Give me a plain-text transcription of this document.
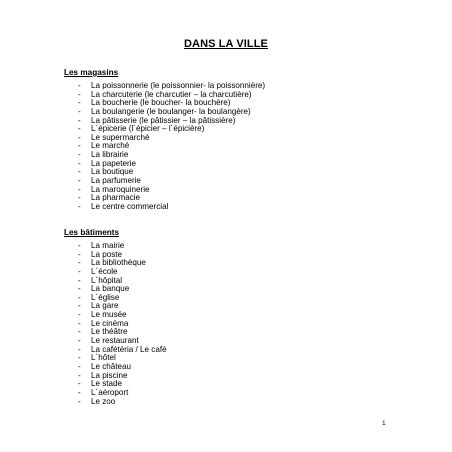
DANS LA VILLE
Les magasins
- La poissonnerie (le poissonnier- la poissonnière)
- La charcuterie (le charcutier – la charcutière)
- La boucherie (le boucher- la bouchère)
- La boulangerie (le boulanger- la boulangère)
- La pâtisserie (le pâtissier – la pâtissière)
- L´épicerie (l´épicier – l´épicière)
- Le supermarché
- Le marché
- La librairie
- La papeterie
- La boutique
- La parfumerie
- La maroquinerie
- La pharmacie
- Le centre commercial
Les bâtiments
- La mairie
- La poste
- La bibliothèque
- L´école
- L´hôpital
- La banque
- L´église
- La gare
- Le musée
- Le cinéma
- Le théâtre
- Le restaurant
- La cafétéria / Le café
- L´hôtel
- Le château
- La piscine
- Le stade
- L´aéroport
- Le zoo
1
